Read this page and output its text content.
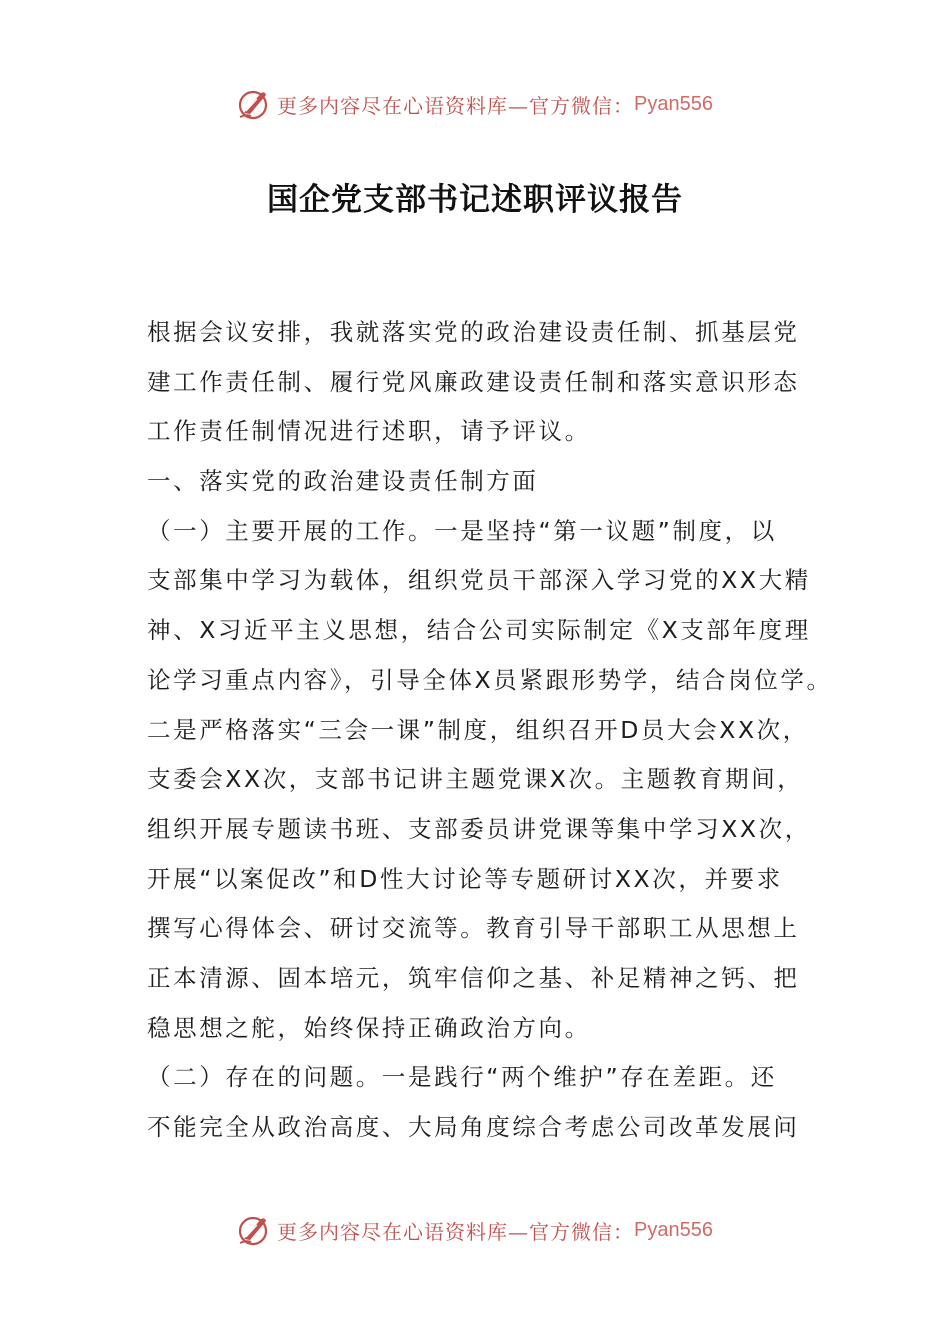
更多内容尽在心语资料库—官方微信： Pyan556
国企党支部书记述职评议报告
根据会议安排，我就落实党的政治建设责任制、抓基层党
建工作责任制、履行党风廉政建设责任制和落实意识形态
工作责任制情况进行述职，请予评议。
一、落实党的政治建设责任制方面
（一）主要开展的工作。一是坚持“第一议题”制度，以
支部集中学习为载体，组织党员干部深入学习党的XX大精
神、X习近平主义思想，结合公司实际制定《X支部年度理
论学习重点内容》，引导全体X员紧跟形势学，结合岗位学。
二是严格落实“三会一课”制度，组织召开D员大会XX次，
支委会XX次，支部书记讲主题党课X次。主题教育期间，
组织开展专题读书班、支部委员讲党课等集中学习XX次，
开展“以案促改”和D性大讨论等专题研讨XX次，并要求
撰写心得体会、研讨交流等。教育引导干部职工从思想上
正本清源、固本培元，筑牢信仰之基、补足精神之钙、把
稳思想之舵，始终保持正确政治方向。
（二）存在的问题。一是践行“两个维护”存在差距。还
不能完全从政治高度、大局角度综合考虑公司改革发展问
更多内容尽在心语资料库—官方微信： Pyan556
